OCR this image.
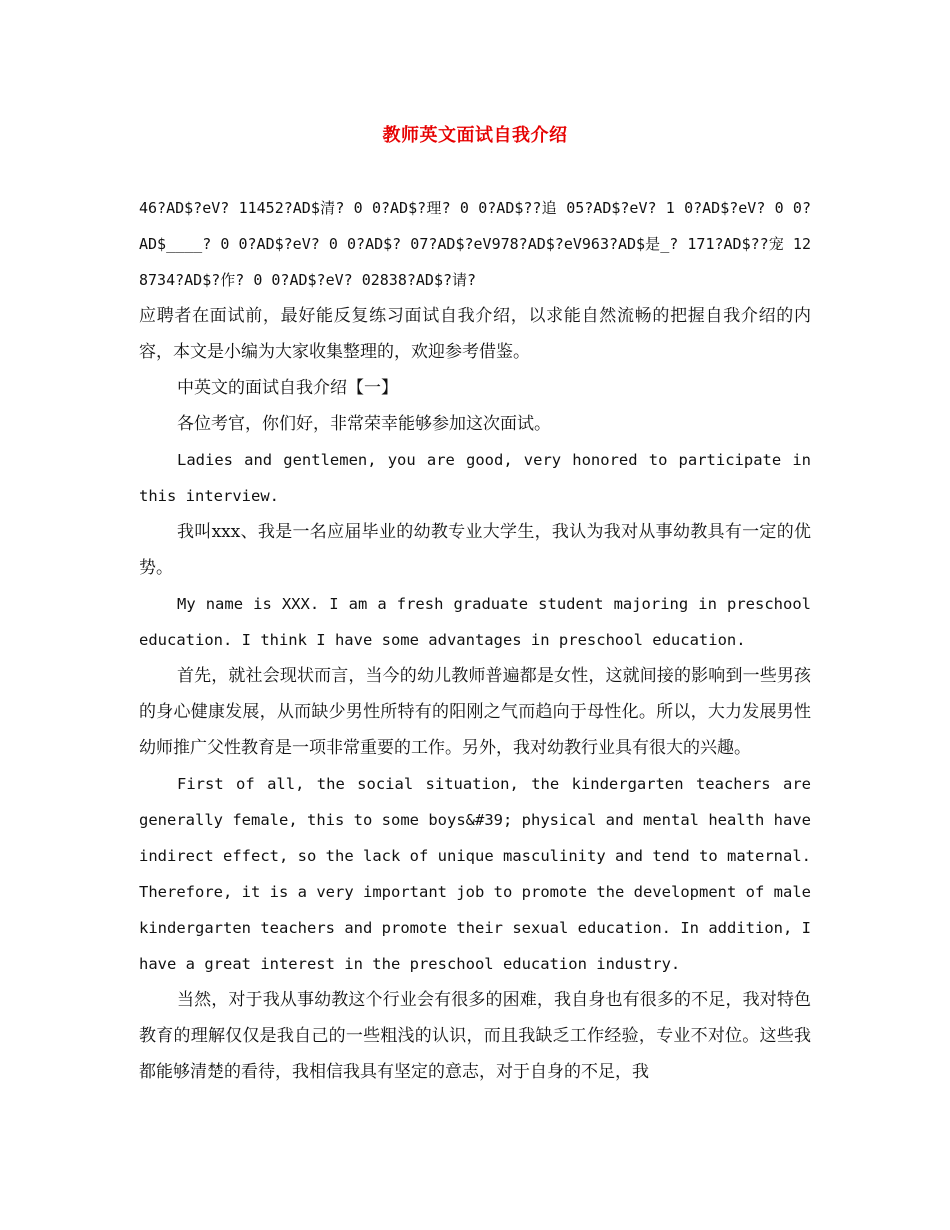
教师英文面试自我介绍

46?AD$?eV? 11452?AD$清? 0 0?AD$?理? 0 0?AD$??追 05?AD$?eV? 1 0?AD$?eV? 0 0?AD$____? 0 0?AD$?eV? 0 0?AD$? 07?AD$?eV978?AD$?eV963?AD$是_? 171?AD$??宠 128734?AD$?作? 0 0?AD$?eV? 02838?AD$?请?

应聘者在面试前，最好能反复练习面试自我介绍，以求能自然流畅的把握自我介绍的内容，本文是小编为大家收集整理的，欢迎参考借鉴。

中英文的面试自我介绍【一】

各位考官，你们好，非常荣幸能够参加这次面试。

Ladies and gentlemen, you are good, very honored to participate in this interview.

我叫xxx、我是一名应届毕业的幼教专业大学生，我认为我对从事幼教具有一定的优势。

My name is XXX. I am a fresh graduate student majoring in preschool education. I think I have some advantages in preschool education.

首先，就社会现状而言，当今的幼儿教师普遍都是女性，这就间接的影响到一些男孩的身心健康发展，从而缺少男性所特有的阳刚之气而趋向于母性化。所以，大力发展男性幼师推广父性教育是一项非常重要的工作。另外，我对幼教行业具有很大的兴趣。

First of all, the social situation, the kindergarten teachers are generally female, this to some boys&#39; physical and mental health have indirect effect, so the lack of unique masculinity and tend to maternal. Therefore, it is a very important job to promote the development of male kindergarten teachers and promote their sexual education. In addition, I have a great interest in the preschool education industry.

当然，对于我从事幼教这个行业会有很多的困难，我自身也有很多的不足，我对特色教育的理解仅仅是我自己的一些粗浅的认识，而且我缺乏工作经验，专业不对位。这些我都能够清楚的看待，我相信我具有坚定的意志，对于自身的不足，我
